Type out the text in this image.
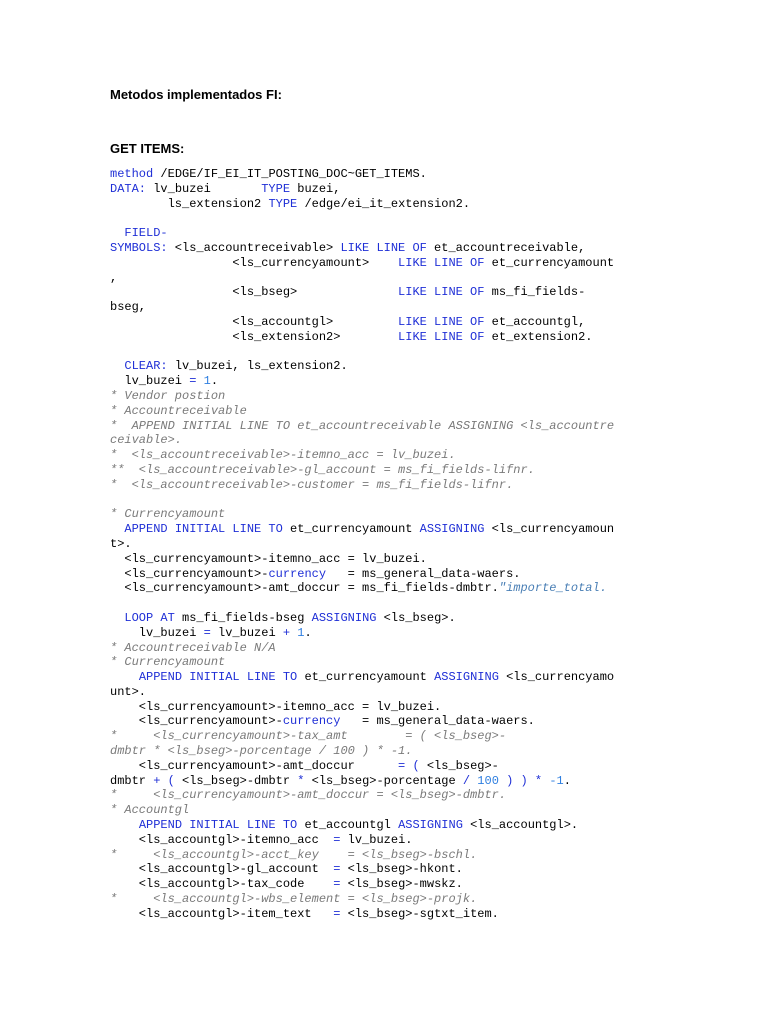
Metodos implementados FI:
GET ITEMS:
method /EDGE/IF_EI_IT_POSTING_DOC~GET_ITEMS.
DATA: lv_buzei       TYPE buzei,
ls_extension2 TYPE /edge/ei_it_extension2.

FIELD-
SYMBOLS: <ls_accountreceivable> LIKE LINE OF et_accountreceivable,
<ls_currencyamount>    LIKE LINE OF et_currencyamount
,
<ls_bseg>              LIKE LINE OF ms_fi_fields-
bseg,
<ls_accountgl>         LIKE LINE OF et_accountgl,
<ls_extension2>        LIKE LINE OF et_extension2.

CLEAR: lv_buzei, ls_extension2.
lv_buzei = 1.
* Vendor postion
* Accountreceivable
*  APPEND INITIAL LINE TO et_accountreceivable ASSIGNING <ls_accountre
ceivable>.
*  <ls_accountreceivable>-itemno_acc = lv_buzei.
**  <ls_accountreceivable>-gl_account = ms_fi_fields-lifnr.
*  <ls_accountreceivable>-customer = ms_fi_fields-lifnr.

* Currencyamount
APPEND INITIAL LINE TO et_currencyamount ASSIGNING <ls_currencyamoun
t>.
<ls_currencyamount>-itemno_acc = lv_buzei.
<ls_currencyamount>-currency   = ms_general_data-waers.
<ls_currencyamount>-amt_doccur = ms_fi_fields-dmbtr."importe_total.

LOOP AT ms_fi_fields-bseg ASSIGNING <ls_bseg>.
lv_buzei = lv_buzei + 1.
* Accountreceivable N/A
* Currencyamount
APPEND INITIAL LINE TO et_currencyamount ASSIGNING <ls_currencyamo
unt>.
<ls_currencyamount>-itemno_acc = lv_buzei.
<ls_currencyamount>-currency   = ms_general_data-waers.
*     <ls_currencyamount>-tax_amt        = ( <ls_bseg>-
dmbtr * <ls_bseg>-porcentage / 100 ) * -1.
<ls_currencyamount>-amt_doccur      = ( <ls_bseg>-
dmbtr + ( <ls_bseg>-dmbtr * <ls_bseg>-porcentage / 100 ) ) * -1.
*     <ls_currencyamount>-amt_doccur = <ls_bseg>-dmbtr.
* Accountgl
APPEND INITIAL LINE TO et_accountgl ASSIGNING <ls_accountgl>.
<ls_accountgl>-itemno_acc  = lv_buzei.
*     <ls_accountgl>-acct_key    = <ls_bseg>-bschl.
<ls_accountgl>-gl_account  = <ls_bseg>-hkont.
<ls_accountgl>-tax_code    = <ls_bseg>-mwskz.
*     <ls_accountgl>-wbs_element = <ls_bseg>-projk.
<ls_accountgl>-item_text   = <ls_bseg>-sgtxt_item.
